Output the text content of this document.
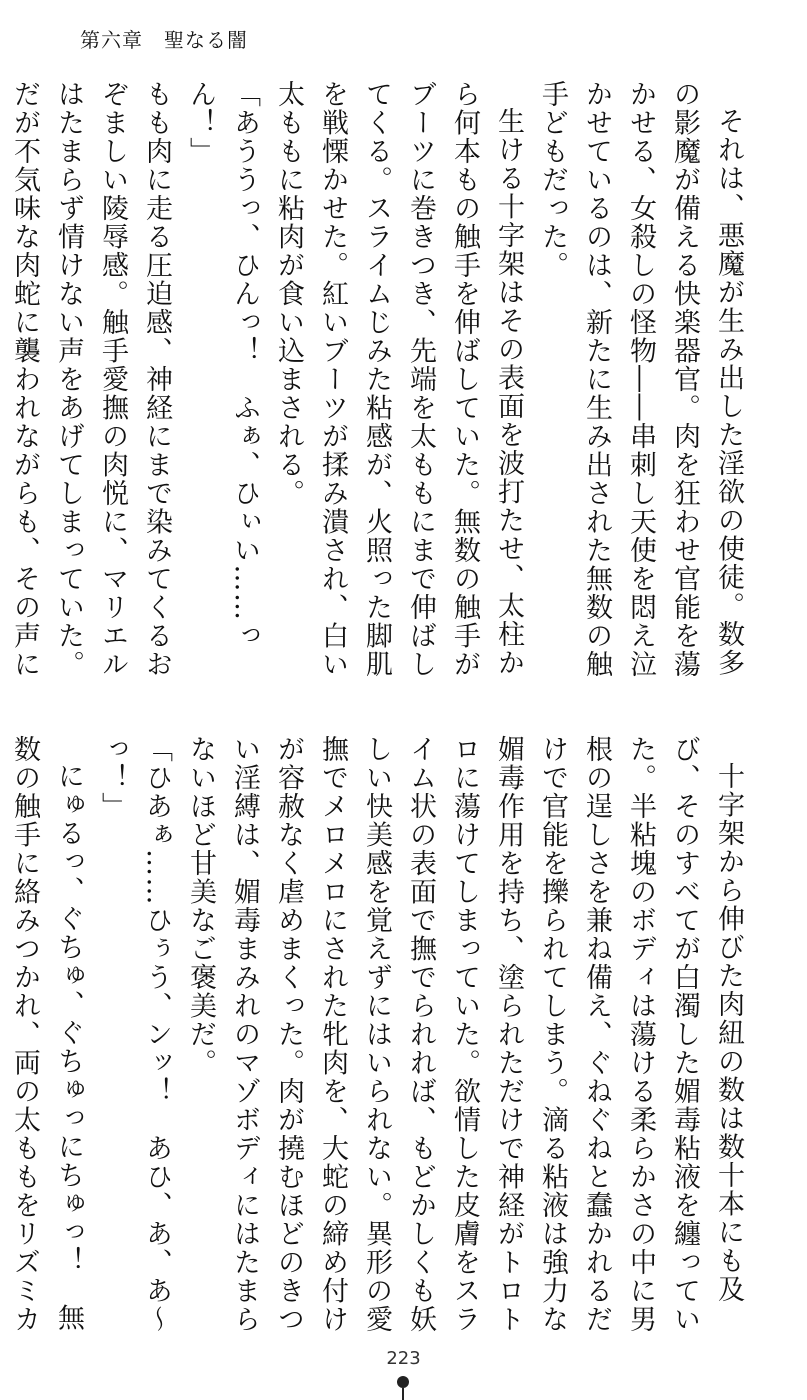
第六章　 聖なる闇

それは、悪魔が生み出した淫欲の使徒。数多の影魔が備える快楽器官。肉を狂わせ官能を蕩かせる、女殺しの怪物――串刺し天使を悶え泣かせているのは、新たに生み出された無数の触手どもだった。

生ける十字架はその表面を波打たせ、太柱から何本もの触手を伸ばしていた。無数の触手がブーツに巻きつき、先端を太ももにまで伸ばしてくる。スライムじみた粘感が、火照った脚肌を戦慄かせた。紅いブーツが揉み潰され、白い太ももに粘肉が食い込まされる。

「あううっ、ひんっ！　ふぁ、ひぃい……っん！」

もも肉に走る圧迫感、神経にまで染みてくるおぞましい陵辱感。触手愛撫の肉悦に、マリエルはたまらず情けない声をあげてしまっていた。だが不気味な肉蛇に襲われながらも、その声に

十字架から伸びた肉紐の数は数十本にも及び、そのすべてが白濁した媚毒粘液を纏っていた。半粘塊のボディは蕩ける柔らかさの中に男根の逞しさを兼ね備え、ぐねぐねと蠢かれるだけで官能を擽られてしまう。滴る粘液は強力な媚毒作用を持ち、塗られただけで神経がトロトロに蕩けてしまっていた。欲情した皮膚をスライム状の表面で撫でられれば、もどかしくも妖しい快美感を覚えずにはいられない。異形の愛撫でメロメロにされた牝肉を、大蛇の締め付けが容赦なく虐めまくった。肉が撓むほどのきつい淫縛は、媚毒まみれのマゾボディにはたまらないほど甘美なご褒美だ。

「ひあぁ……ひぅう、ンッ！　あひ、あ、あ～っ！」

にゅるっ、ぐちゅ、ぐちゅっにちゅっ！　無数の触手に絡みつかれ、両の太ももをリズミカ

223
